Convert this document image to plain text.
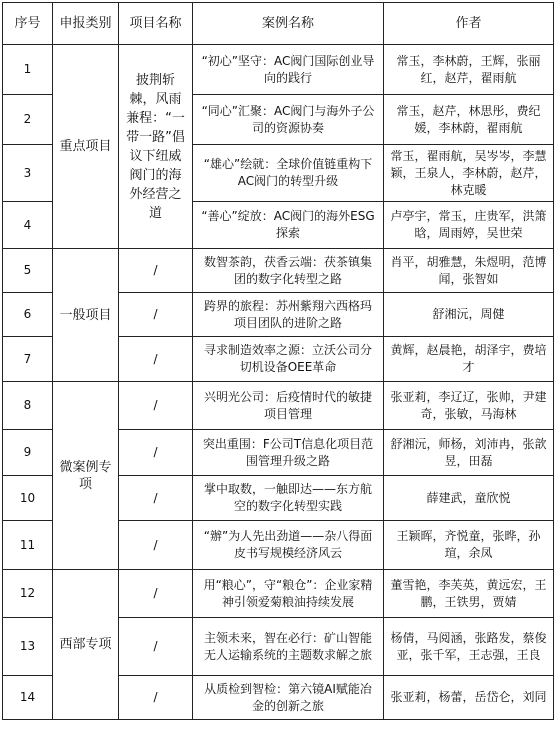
序号	申报类别	项目名称	案例名称	作者
1	重点项目	披荆斩棘，风雨兼程：“一带一路”倡议下纽威阀门的海外经营之道	“初心”坚守：AC阀门国际创业导向的践行	常玉，李林蔚，王辉，张丽红，赵芹，翟雨航
2			“同心”汇聚：AC阀门与海外子公司的资源协奏	常玉，赵芹，林思彤，费纪媛，李林蔚，翟雨航
3			“雄心”绘就：全球价值链重构下AC阀门的转型升级	常玉，翟雨航，吴岑岑，李慧颖，王泉人，李林蔚，赵芹，林克暖
4			“善心”绽放：AC阀门的海外ESG探索	卢亭宇，常玉，庄贵军，洪箫晗，周雨婷，吴世荣
5	一般项目	/	数智茶韵，茯香云端：茯茶镇集团的数字化转型之路	肖平，胡雅慧，朱煜明，范博闻，张智如
6		/	跨界的旅程：苏州紫翔六西格玛项目团队的进阶之路	舒湘沅，周健
7		/	寻求制造效率之源：立沃公司分切机设备OEE革命	黄辉，赵晨艳，胡泽宇，费培才
8	微案例专项	/	兴明光公司：后疫情时代的敏捷项目管理	张亚莉，李辽辽，张帅，尹建奇，张敏，马海林
9		/	突出重围：F公司T信息化项目范围管理升级之路	舒湘沅，师杨，刘沛冉，张歆昱，田磊
10		/	掌中取数，一触即达——东方航空的数字化转型实践	薛建武，童欣悦
11		/	“辦”为人先出劲道——杂八得面皮书写规模经济风云	王颖晖，齐悦童，张晔，孙瑄，余凤
12	西部专项	/	用“粮心”，守“粮仓”：企业家精神引领爱菊粮油持续发展	董雪艳，李芙英，黄远宏，王鹏，王铁男，贾婧
13		/	主领未来，智在必行：矿山智能无人运输系统的主题数求解之旅	杨倩，马阅涵，张路发，蔡俊亚，张千军，王志强，王良
14		/	从质检到智检：第六镜AI赋能冶金的创新之旅	张亚莉，杨蕾，岳岱仑，刘同
